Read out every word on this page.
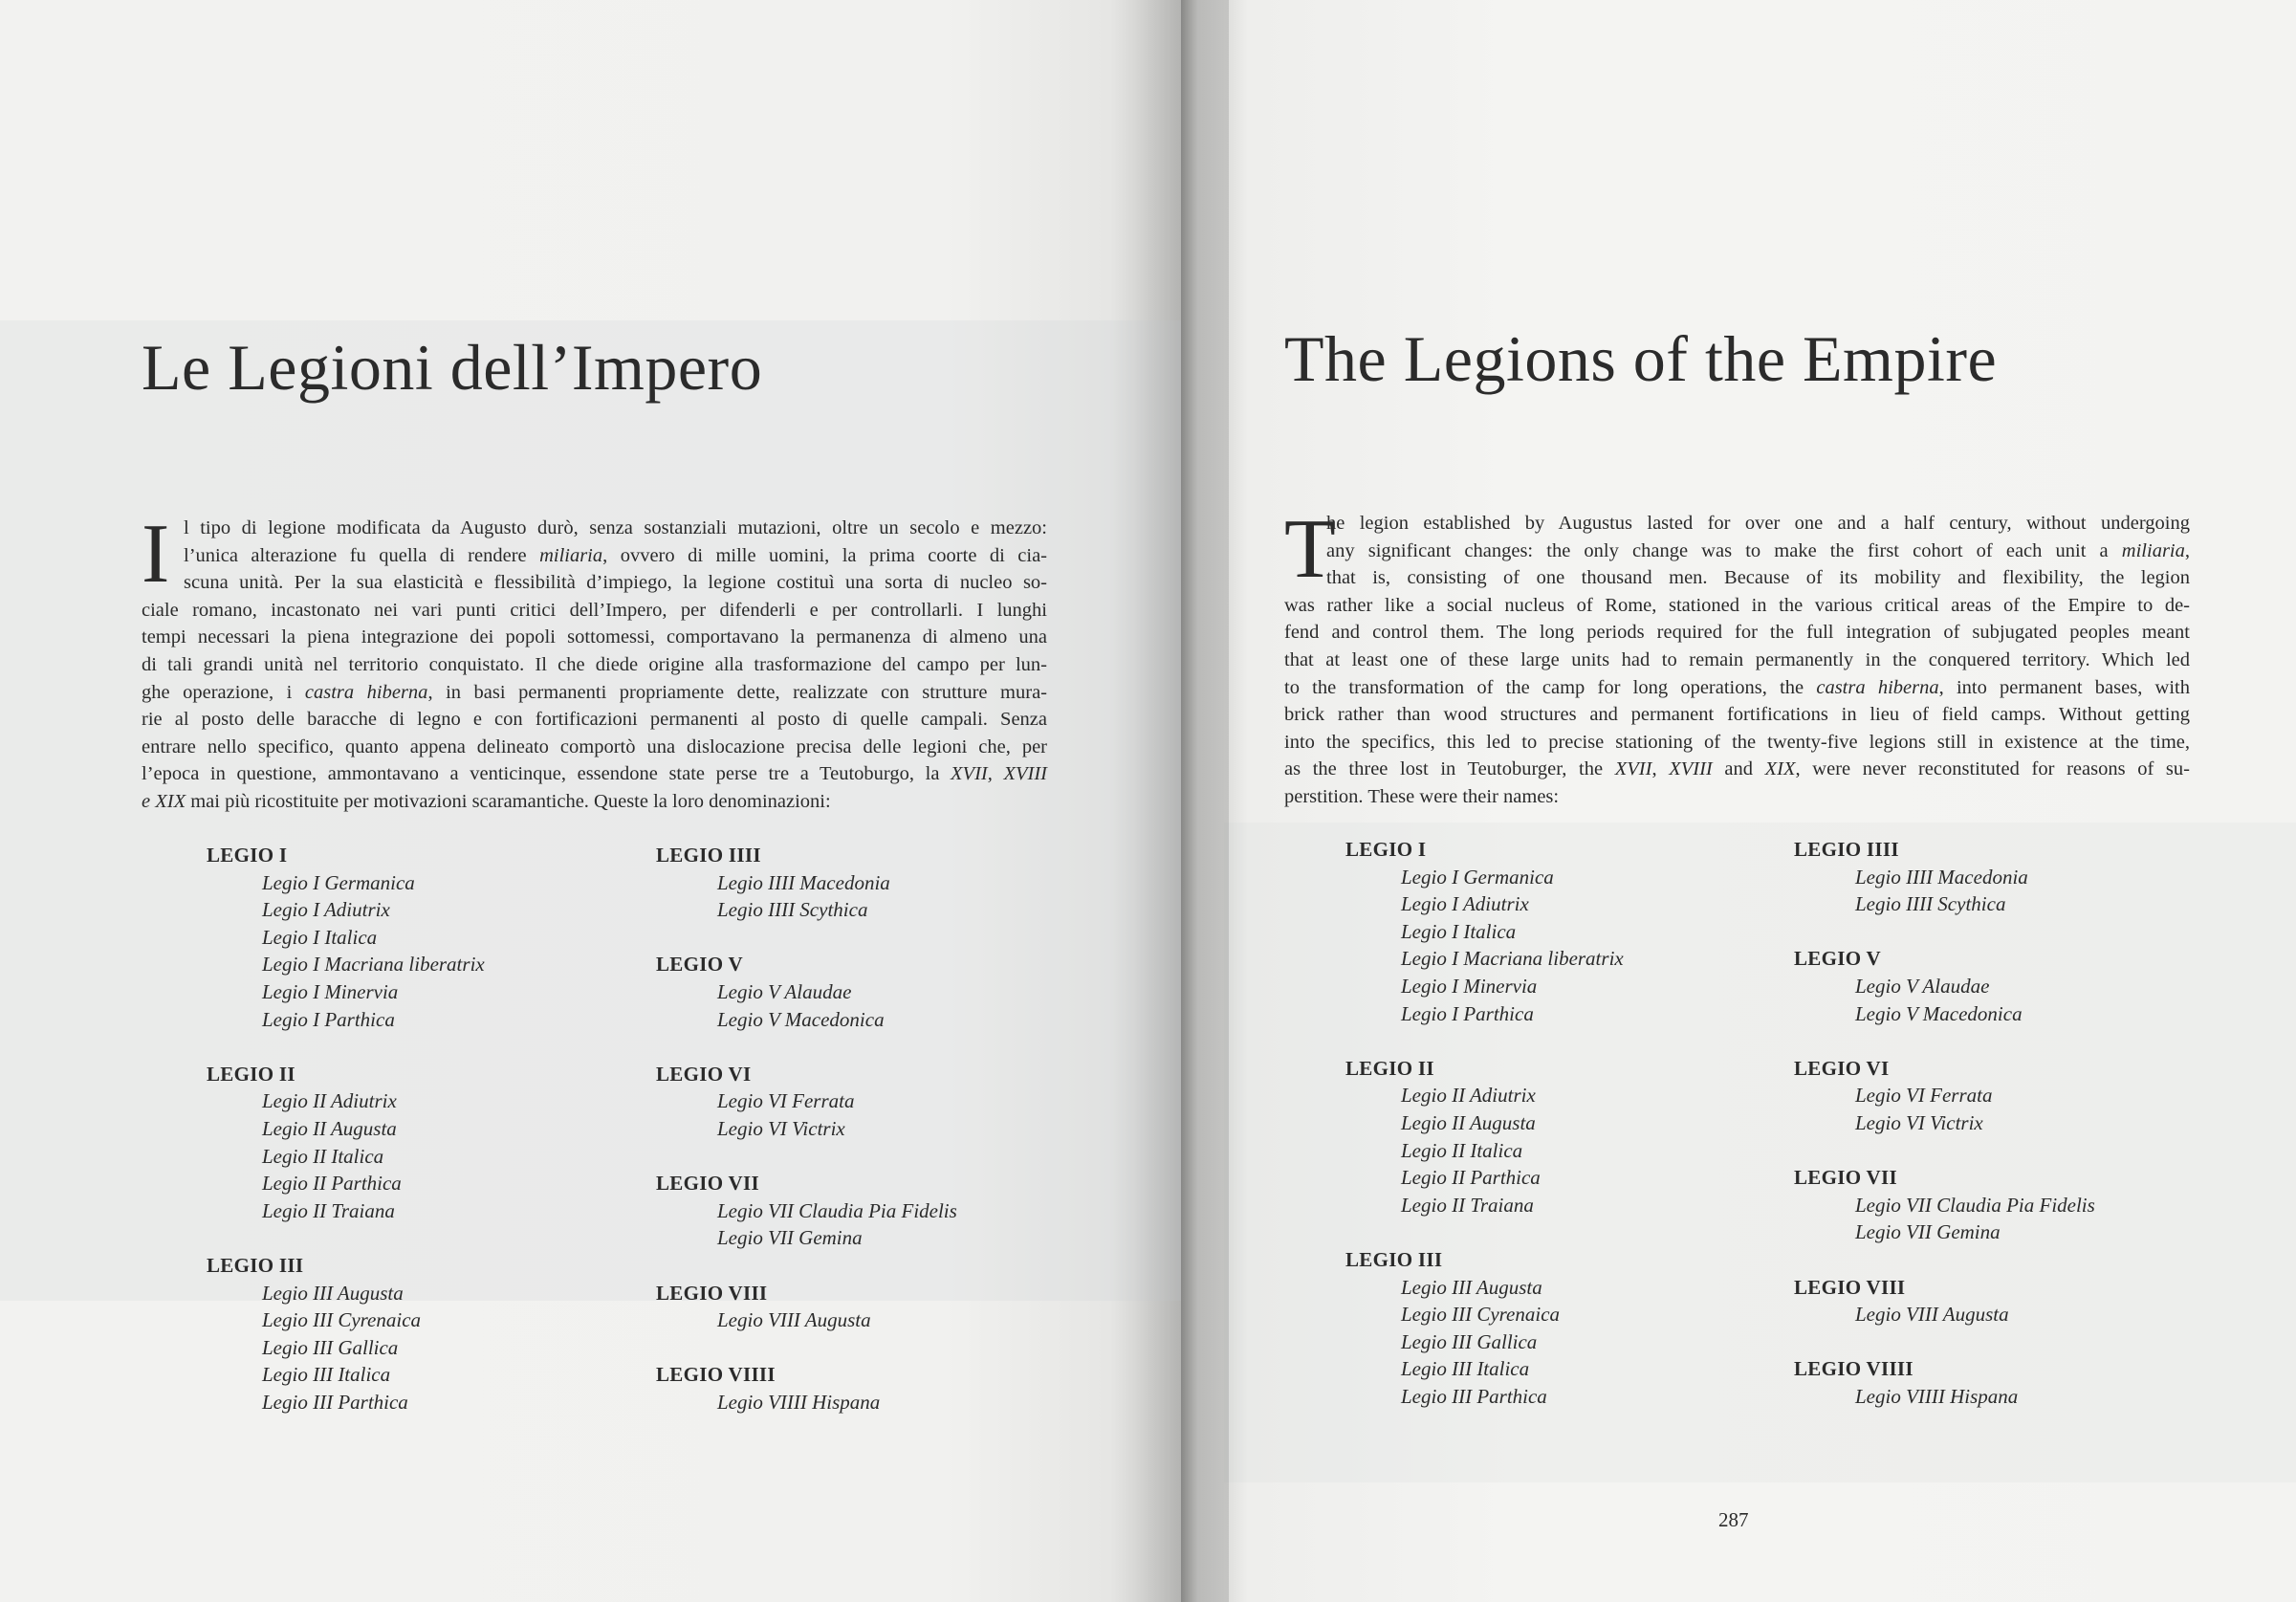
Le Legioni dell’Impero	The Legions of the Empire
I l tipo di legione modificata da Augusto durò, senza sostanziali mutazioni, oltre un secolo e mezzo:
l’unica alterazione fu quella di rendere miliaria, ovvero di mille uomini, la prima coorte di cia-
scuna unità. Per la sua elasticità e flessibilità d’impiego, la legione costituì una sorta di nucleo so-
ciale romano, incastonato nei vari punti critici dell’Impero, per difenderli e per controllarli. I lunghi
tempi necessari la piena integrazione dei popoli sottomessi, comportavano la permanenza di almeno una
di tali grandi unità nel territorio conquistato. Il che diede origine alla trasformazione del campo per lun-
ghe operazione, i castra hiberna, in basi permanenti propriamente dette, realizzate con strutture mura-
rie al posto delle baracche di legno e con fortificazioni permanenti al posto di quelle campali. Senza
entrare nello specifico, quanto appena delineato comportò una dislocazione precisa delle legioni che, per
l’epoca in questione, ammontavano a venticinque, essendone state perse tre a Teutoburgo, la XVII, XVIII
e XIX mai più ricostituite per motivazioni scaramantiche. Queste la loro denominazioni:
T
he legion established by Augustus lasted for over one and a half century, without undergoing
any significant changes: the only change was to make the first cohort of each unit a miliaria,
that is, consisting of one thousand men. Because of its mobility and flexibility, the legion
was rather like a social nucleus of Rome, stationed in the various critical areas of the Empire to de-
fend and control them. The long periods required for the full integration of subjugated peoples meant
that at least one of these large units had to remain permanently in the conquered territory. Which led
to the transformation of the camp for long operations, the castra hiberna, into permanent bases, with
brick rather than wood structures and permanent fortifications in lieu of field camps. Without getting
into the specifics, this led to precise stationing of the twenty-five legions still in existence at the time,
as the three lost in Teutoburger, the XVII, XVIII and XIX, were never reconstituted for reasons of su-
perstition. These were their names:
LEGIO I
Legio I Germanica
Legio I Adiutrix
Legio I Italica
Legio I Macriana liberatrix
Legio I Minervia
Legio I Parthica
LEGIO II
Legio II Adiutrix
Legio II Augusta
Legio II Italica
Legio II Parthica
Legio II Traiana
LEGIO III
Legio III Augusta
Legio III Cyrenaica
Legio III Gallica
Legio III Italica
Legio III Parthica
LEGIO IIII
Legio IIII Macedonia
Legio IIII Scythica
LEGIO V
Legio V Alaudae
Legio V Macedonica
LEGIO VI
Legio VI Ferrata
Legio VI Victrix
LEGIO VII
Legio VII Claudia Pia Fidelis
Legio VII Gemina
LEGIO VIII
Legio VIII Augusta
LEGIO VIIII
Legio VIIII Hispana
LEGIO I
Legio I Germanica
Legio I Adiutrix
Legio I Italica
Legio I Macriana liberatrix
Legio I Minervia
Legio I Parthica
LEGIO II
Legio II Adiutrix
Legio II Augusta
Legio II Italica
Legio II Parthica
Legio II Traiana
LEGIO III
Legio III Augusta
Legio III Cyrenaica
Legio III Gallica
Legio III Italica
Legio III Parthica
LEGIO IIII
Legio IIII Macedonia
Legio IIII Scythica
LEGIO V
Legio V Alaudae
Legio V Macedonica
LEGIO VI
Legio VI Ferrata
Legio VI Victrix
LEGIO VII
Legio VII Claudia Pia Fidelis
Legio VII Gemina
LEGIO VIII
Legio VIII Augusta
LEGIO VIIII
Legio VIIII Hispana
287
